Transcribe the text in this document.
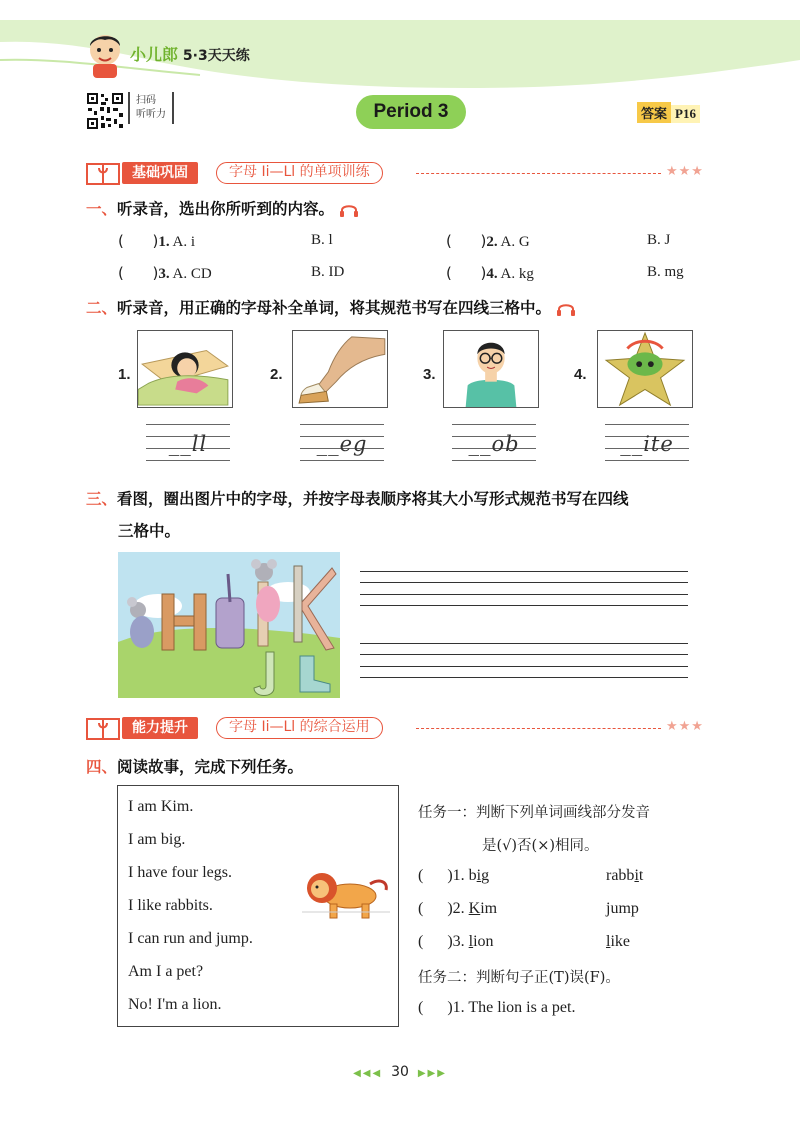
小儿郎 5·3天天练
扫码
听听力	Period 3	答案 P16
基础巩固	字母 Ii—Ll 的单项训练	★★★
一、听录音，选出你所听到的内容。
(      )1. A. i	B. l	(      )2. A. G	B. J
(      )3. A. CD	B. ID	(      )4. A. kg	B. mg
二、听录音，用正确的字母补全单词，将其规范书写在四线三格中。
1.	2.	3.	4.
__ll	__eg	__ob	__ite
三、看图，圈出图片中的字母，并按字母表顺序将其大小写形式规范书写在四线
三格中。
能力提升	字母 Ii—Ll 的综合运用	★★★
四、阅读故事，完成下列任务。
I am Kim.
I am big.
I have four legs.
I like rabbits.
I can run and jump.
Am I a pet?
No! I'm a lion.
任务一：判断下列单词画线部分发音
是(√)否(×)相同。
(      )1. big	rabbit
(      )2. Kim	jump
(      )3. lion	like
任务二：判断句子正(T)误(F)。
(      )1. The lion is a pet.
◀◀◀ 30 ▶▶▶
